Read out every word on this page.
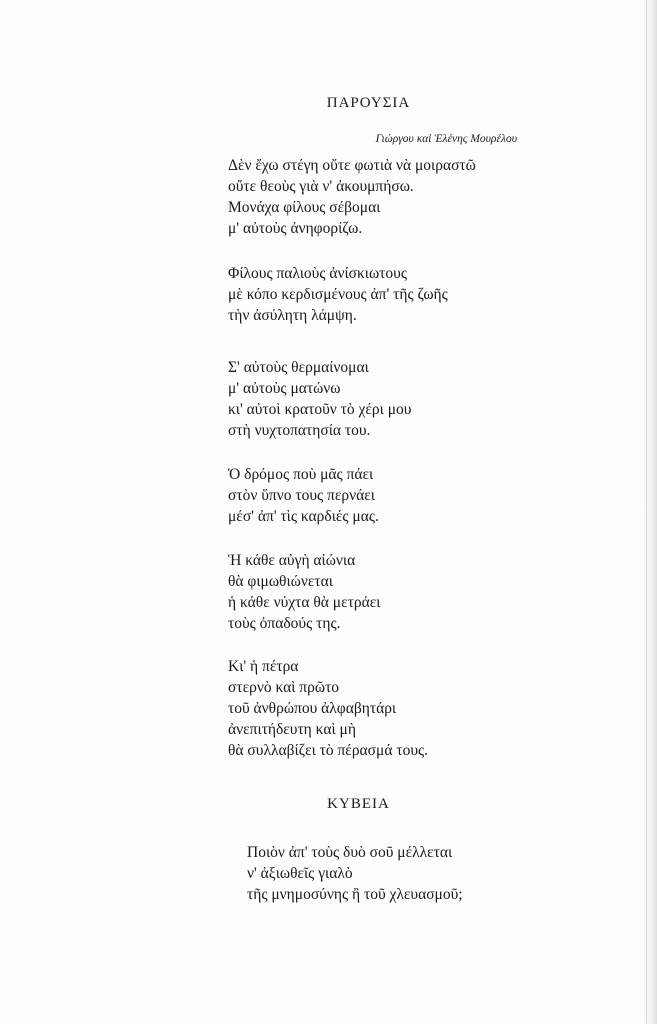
ΠΑΡΟΥΣΙΑ
Γιώργου καὶ Ἑλένης Μουρέλου
Δὲν ἔχω στέγη οὔτε φωτιὰ νὰ μοιραστῶ
οὔτε θεοὺς γιὰ ν' ἀκουμπήσω.
Μονάχα φίλους σέβομαι
μ' αὐτοὺς ἀνηφορίζω.
Φίλους παλιοὺς ἀνίσκιωτους
μὲ κόπο κερδισμένους ἀπ' τῆς ζωῆς
τὴν ἀσύλητη λάμψη.
Σ' αὐτοὺς θερμαίνομαι
μ' αὐτοὺς ματώνω
κι' αὐτοὶ κρατοῦν τὸ χέρι μου
στὴ νυχτοπατησία του.
Ὁ δρόμος ποὺ μᾶς πάει
στὸν ὕπνο τους περνάει
μέσ' ἀπ' τὶς καρδιές μας.
Ἡ κάθε αὐγὴ αἰώνια
θὰ φιμωθιώνεται
ἡ κάθε νύχτα θὰ μετράει
τοὺς ὀπαδούς της.
Κι' ἡ πέτρα
στερνὸ καὶ πρῶτο
τοῦ ἀνθρώπου ἀλφαβητάρι
ἀνεπιτήδευτη καὶ μὴ
θὰ συλλαβίζει τὸ πέρασμά τους.
ΚΥΒΕΙΑ
Ποιὸν ἀπ' τοὺς δυὸ σοῦ μέλλεται
ν' ἀξιωθεῖς γιαλὸ
τῆς μνημοσύνης ἢ τοῦ χλευασμοῦ;
